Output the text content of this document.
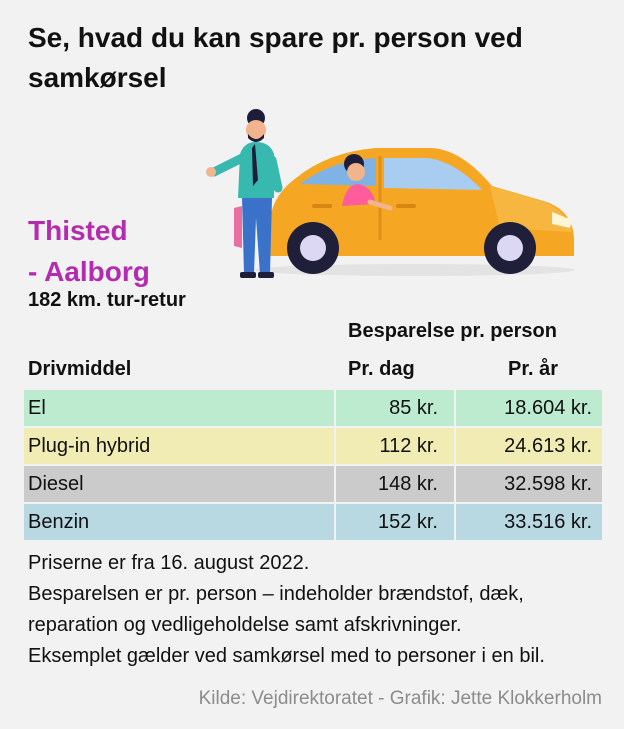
Se, hvad du kan spare pr. person ved samkørsel
Thisted
- Aalborg
182 km. tur-retur
Besparelse pr. person
Drivmiddel	Pr. dag	Pr. år
El	85 kr.	18.604 kr.
Plug-in hybrid	112 kr.	24.613 kr.
Diesel	148 kr.	32.598 kr.
Benzin	152 kr.	33.516 kr.
Priserne er fra 16. august 2022.
Besparelsen er pr. person – indeholder brændstof, dæk, reparation og vedligeholdelse samt afskrivninger.
Eksemplet gælder ved samkørsel med to personer i en bil.
Kilde: Vejdirektoratet - Grafik: Jette Klokkerholm
